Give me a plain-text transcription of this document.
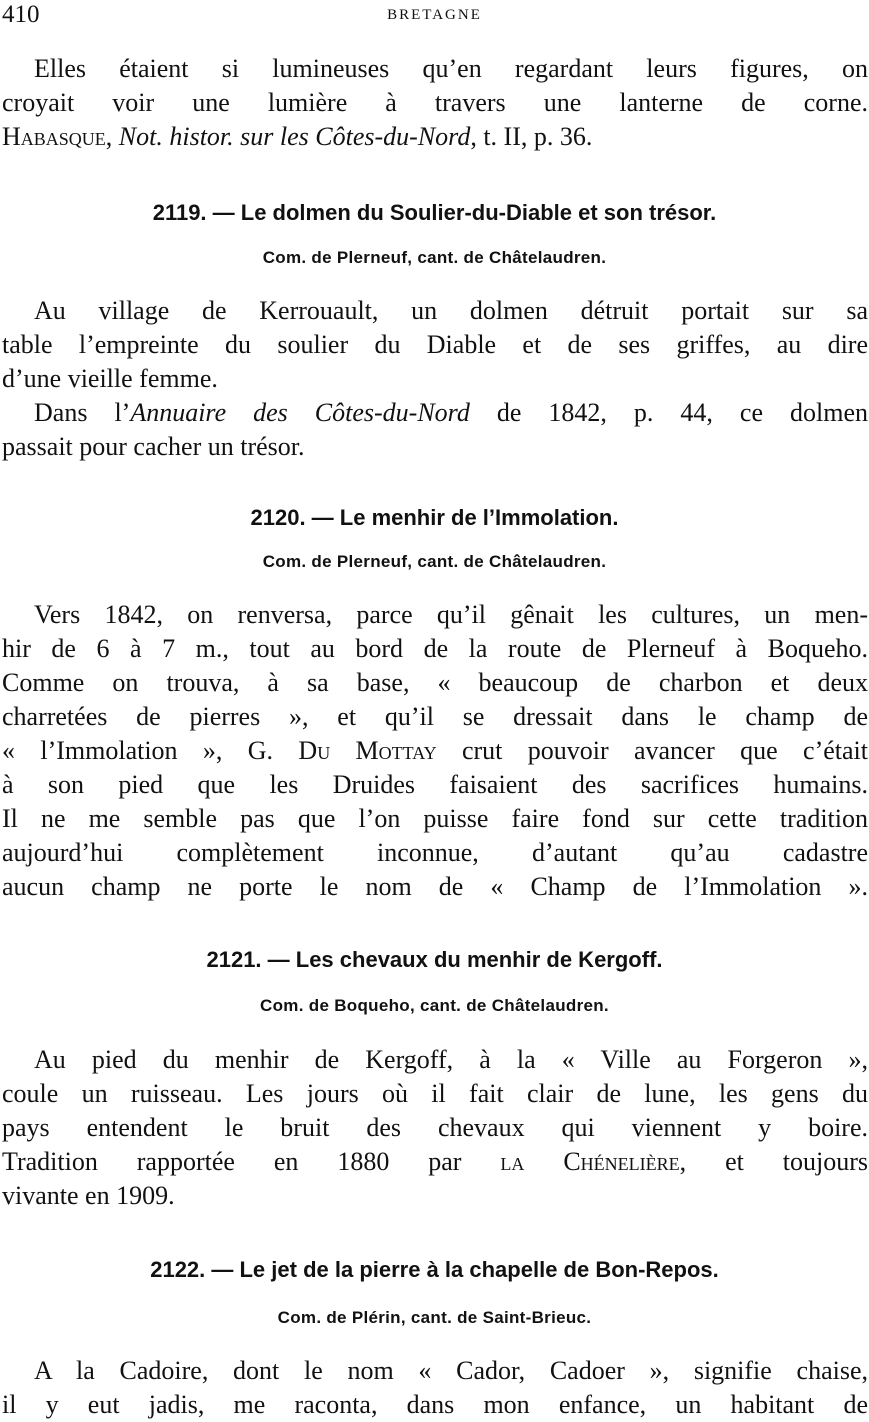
410	BRETAGNE

Elles étaient si lumineuses qu’en regardant leurs figures, on
croyait voir une lumière à travers une lanterne de corne.
Habasque, Not. histor. sur les Côtes-du-Nord, t. II, p. 36.

2119. — Le dolmen du Soulier-du-Diable et son trésor.
Com. de Plerneuf, cant. de Châtelaudren.

Au village de Kerrouault, un dolmen détruit portait sur sa
table l’empreinte du soulier du Diable et de ses griffes, au dire
d’une vieille femme.
Dans l’Annuaire des Côtes-du-Nord de 1842, p. 44, ce dolmen
passait pour cacher un trésor.

2120. — Le menhir de l’Immolation.
Com. de Plerneuf, cant. de Châtelaudren.

Vers 1842, on renversa, parce qu’il gênait les cultures, un men-
hir de 6 à 7 m., tout au bord de la route de Plerneuf à Boqueho.
Comme on trouva, à sa base, « beaucoup de charbon et deux
charretées de pierres », et qu’il se dressait dans le champ de
« l’Immolation », G. Du Mottay crut pouvoir avancer que c’était
à son pied que les Druides faisaient des sacrifices humains.
Il ne me semble pas que l’on puisse faire fond sur cette tradition
aujourd’hui complètement inconnue, d’autant qu’au cadastre
aucun champ ne porte le nom de « Champ de l’Immolation ».

2121. — Les chevaux du menhir de Kergoff.
Com. de Boqueho, cant. de Châtelaudren.

Au pied du menhir de Kergoff, à la « Ville au Forgeron »,
coule un ruisseau. Les jours où il fait clair de lune, les gens du
pays entendent le bruit des chevaux qui viennent y boire.
Tradition rapportée en 1880 par la Chénelière, et toujours
vivante en 1909.

2122. — Le jet de la pierre à la chapelle de Bon-Repos.
Com. de Plérin, cant. de Saint-Brieuc.

A la Cadoire, dont le nom « Cador, Cadoer », signifie chaise,
il y eut jadis, me raconta, dans mon enfance, un habitant de
